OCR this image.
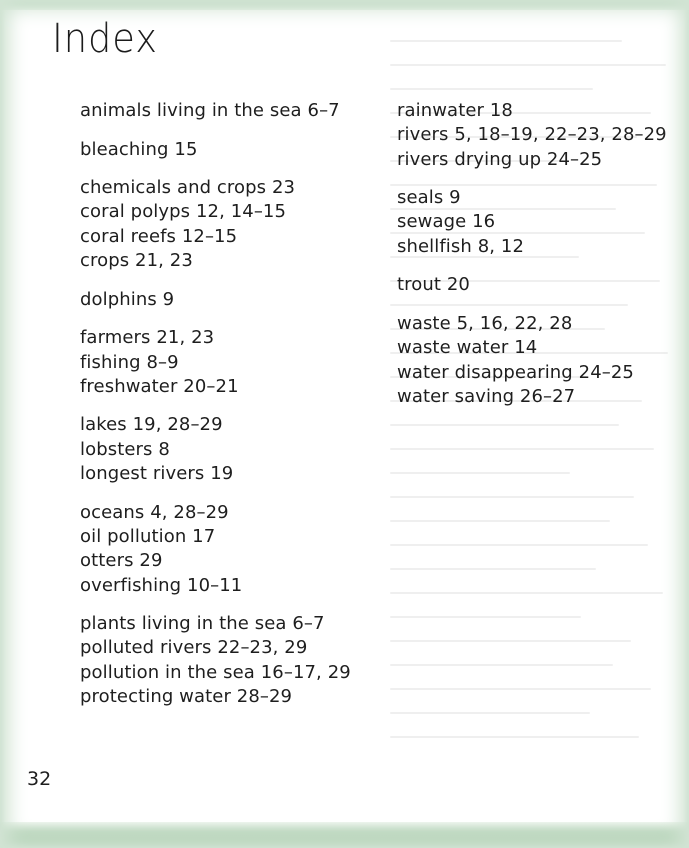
Index
animals living in the sea 6–7
bleaching 15
chemicals and crops 23
coral polyps 12, 14–15
coral reefs 12–15
crops 21, 23
dolphins 9
farmers 21, 23
fishing 8–9
freshwater 20–21
lakes 19, 28–29
lobsters 8
longest rivers 19
oceans 4, 28–29
oil pollution 17
otters 29
overfishing 10–11
plants living in the sea 6–7
polluted rivers 22–23, 29
pollution in the sea 16–17, 29
protecting water 28–29
rainwater 18
rivers 5, 18–19, 22–23, 28–29
rivers drying up 24–25
seals 9
sewage 16
shellfish 8, 12
trout 20
waste 5, 16, 22, 28
waste water 14
water disappearing 24–25
water saving 26–27
32
